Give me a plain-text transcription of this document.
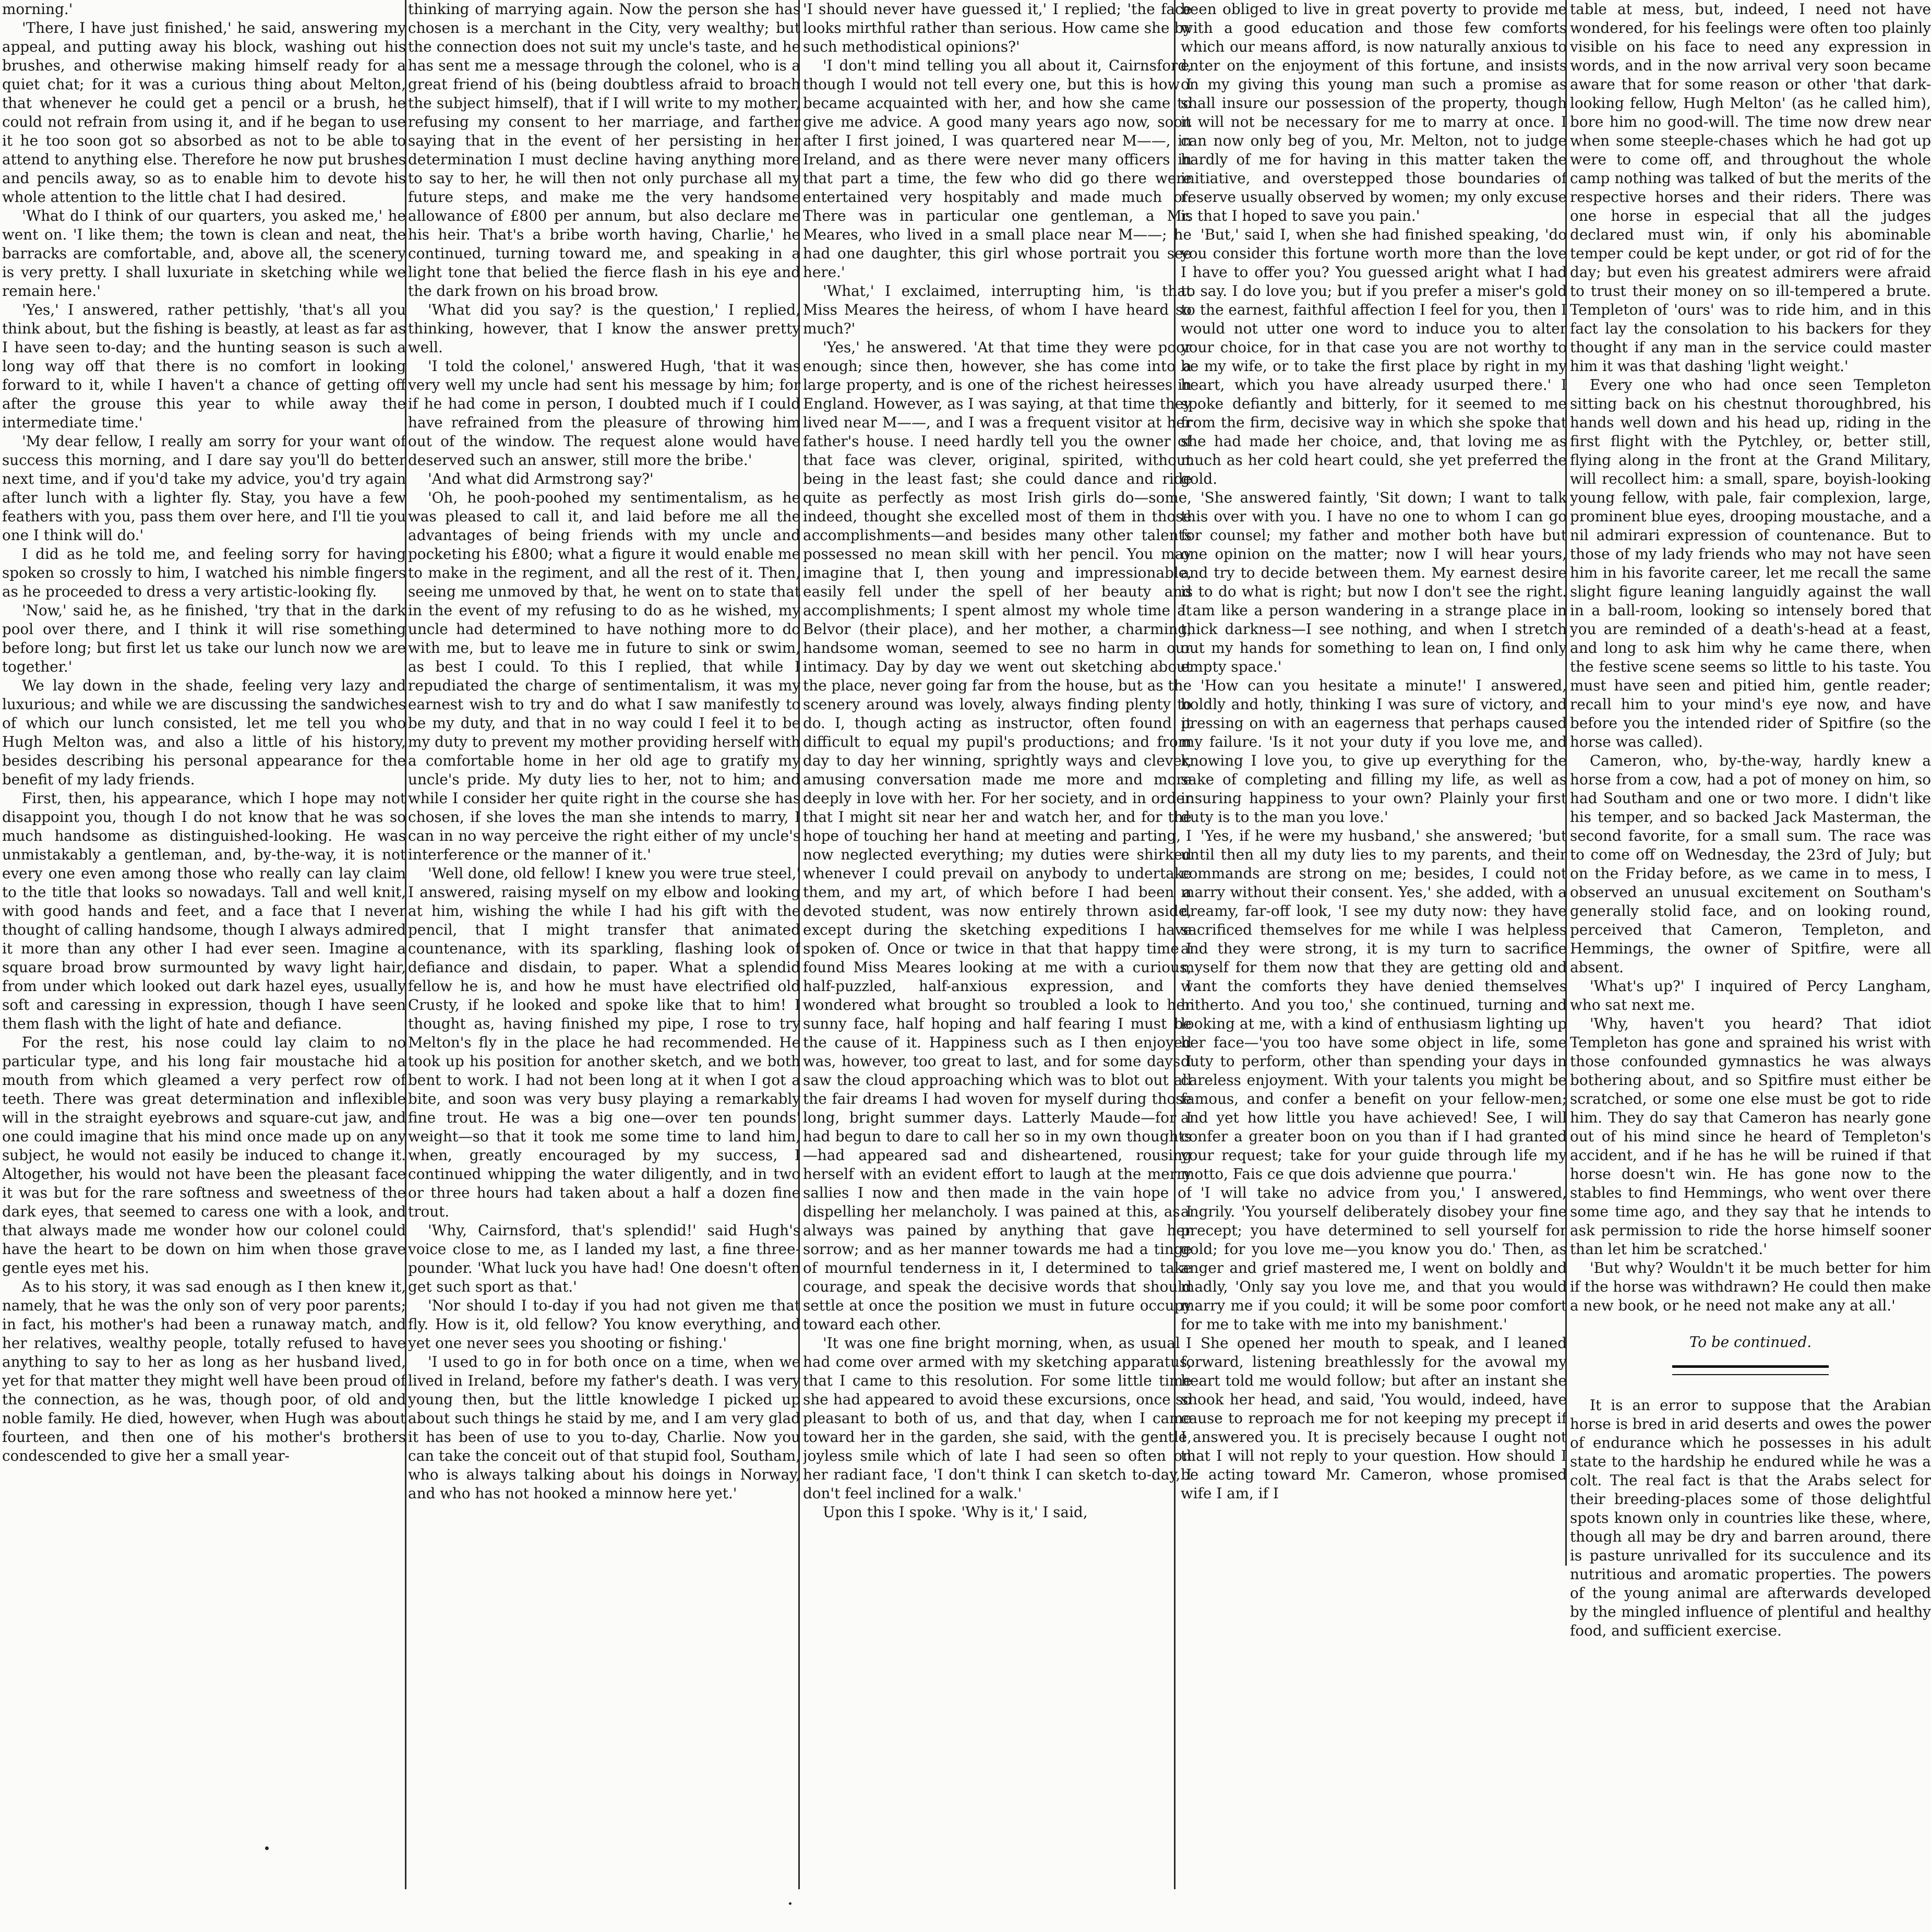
morning.'

'There, I have just finished,' he said, answering my appeal, and putting away his block, washing out his brushes, and otherwise making himself ready for a quiet chat; for it was a curious thing about Melton, that whenever he could get a pencil or a brush, he could not refrain from using it, and if he began to use it he too soon got so absorbed as not to be able to attend to anything else. Therefore he now put brushes and pencils away, so as to enable him to devote his whole attention to the little chat I had desired.

'What do I think of our quarters, you asked me,' he went on. 'I like them; the town is clean and neat, the barracks are comfortable, and, above all, the scenery is very pretty. I shall luxuriate in sketching while we remain here.'

'Yes,' I answered, rather pettishly, 'that's all you think about, but the fishing is beastly, at least as far as I have seen to-day; and the hunting season is such a long way off that there is no comfort in looking forward to it, while I haven't a chance of getting off after the grouse this year to while away the intermediate time.'

'My dear fellow, I really am sorry for your want of success this morning, and I dare say you'll do better next time, and if you'd take my advice, you'd try again after lunch with a lighter fly. Stay, you have a few feathers with you, pass them over here, and I'll tie you one I think will do.'

I did as he told me, and feeling sorry for having spoken so crossly to him, I watched his nimble fingers as he proceeded to dress a very artistic-looking fly.

'Now,' said he, as he finished, 'try that in the dark pool over there, and I think it will rise something before long; but first let us take our lunch now we are together.'

We lay down in the shade, feeling very lazy and luxurious; and while we are discussing the sandwiches of which our lunch consisted, let me tell you who Hugh Melton was, and also a little of his history, besides describing his personal appearance for the benefit of my lady friends.

First, then, his appearance, which I hope may not disappoint you, though I do not know that he was so much handsome as distinguished-looking. He was unmistakably a gentleman, and, by-the-way, it is not every one even among those who really can lay claim to the title that looks so nowadays. Tall and well knit, with good hands and feet, and a face that I never thought of calling handsome, though I always admired it more than any other I had ever seen. Imagine a square broad brow surmounted by wavy light hair, from under which looked out dark hazel eyes, usually soft and caressing in expression, though I have seen them flash with the light of hate and defiance.

For the rest, his nose could lay claim to no particular type, and his long fair moustache hid a mouth from which gleamed a very perfect row of teeth. There was great determination and inflexible will in the straight eyebrows and square-cut jaw, and one could imagine that his mind once made up on any subject, he would not easily be induced to change it. Altogether, his would not have been the pleasant face it was but for the rare softness and sweetness of the dark eyes, that seemed to caress one with a look, and that always made me wonder how our colonel could have the heart to be down on him when those grave gentle eyes met his.

As to his story, it was sad enough as I then knew it, namely, that he was the only son of very poor parents; in fact, his mother's had been a runaway match, and her relatives, wealthy people, totally refused to have anything to say to her as long as her husband lived, yet for that matter they might well have been proud of the connection, as he was, though poor, of old and noble family. He died, however, when Hugh was about fourteen, and then one of his mother's brothers condescended to give her a small year-

thinking of marrying again. Now the person she has chosen is a merchant in the City, very wealthy; but the connection does not suit my uncle's taste, and he has sent me a message through the colonel, who is a great friend of his (being doubtless afraid to broach the subject himself), that if I will write to my mother, refusing my consent to her marriage, and farther saying that in the event of her persisting in her determination I must decline having anything more to say to her, he will then not only purchase all my future steps, and make me the very handsome allowance of £800 per annum, but also declare me his heir. That's a bribe worth having, Charlie,' he continued, turning toward me, and speaking in a light tone that belied the fierce flash in his eye and the dark frown on his broad brow.

'What did you say? is the question,' I replied, thinking, however, that I know the answer pretty well.

'I told the colonel,' answered Hugh, 'that it was very well my uncle had sent his message by him; for if he had come in person, I doubted much if I could have refrained from the pleasure of throwing him out of the window. The request alone would have deserved such an answer, still more the bribe.'

'And what did Armstrong say?'

'Oh, he pooh-poohed my sentimentalism, as he was pleased to call it, and laid before me all the advantages of being friends with my uncle and pocketing his £800; what a figure it would enable me to make in the regiment, and all the rest of it. Then, seeing me unmoved by that, he went on to state that in the event of my refusing to do as he wished, my uncle had determined to have nothing more to do with me, but to leave me in future to sink or swim, as best I could. To this I replied, that while I repudiated the charge of sentimentalism, it was my earnest wish to try and do what I saw manifestly to be my duty, and that in no way could I feel it to be my duty to prevent my mother providing herself with a comfortable home in her old age to gratify my uncle's pride. My duty lies to her, not to him; and while I consider her quite right in the course she has chosen, if she loves the man she intends to marry, I can in no way perceive the right either of my uncle's interference or the manner of it.'

'Well done, old fellow! I knew you were true steel,' I answered, raising myself on my elbow and looking at him, wishing the while I had his gift with the pencil, that I might transfer that animated countenance, with its sparkling, flashing look of defiance and disdain, to paper. What a splendid fellow he is, and how he must have electrified old Crusty, if he looked and spoke like that to him! I thought as, having finished my pipe, I rose to try Melton's fly in the place he had recommended. He took up his position for another sketch, and we both bent to work. I had not been long at it when I got a bite, and soon was very busy playing a remarkably fine trout. He was a big one—over ten pounds' weight—so that it took me some time to land him, when, greatly encouraged by my success, I continued whipping the water diligently, and in two or three hours had taken about a half a dozen fine trout.

'Why, Cairnsford, that's splendid!' said Hugh's voice close to me, as I landed my last, a fine three-pounder. 'What luck you have had! One doesn't often get such sport as that.'

'Nor should I to-day if you had not given me that fly. How is it, old fellow? You know everything, and yet one never sees you shooting or fishing.'

'I used to go in for both once on a time, when we lived in Ireland, before my father's death. I was very young then, but the little knowledge I picked up about such things he staid by me, and I am very glad it has been of use to you to-day, Charlie. Now you can take the conceit out of that stupid fool, Southam, who is always talking about his doings in Norway, and who has not hooked a minnow here yet.'

'I should never have guessed it,' I replied; 'the face looks mirthful rather than serious. How came she by such methodistical opinions?'

'I don't mind telling you all about it, Cairnsford, though I would not tell every one, but this is how I became acquainted with her, and how she came to give me advice. A good many years ago now, soon after I first joined, I was quartered near M——, in Ireland, and as there were never many officers in that part a time, the few who did go there were entertained very hospitably and made much of. There was in particular one gentleman, a Mr. Meares, who lived in a small place near M——; he had one daughter, this girl whose portrait you see here.'

'What,' I exclaimed, interrupting him, 'is that Miss Meares the heiress, of whom I have heard so much?'

'Yes,' he answered. 'At that time they were poor enough; since then, however, she has come into a large property, and is one of the richest heiresses in England. However, as I was saying, at that time they lived near M——, and I was a frequent visitor at her father's house. I need hardly tell you the owner of that face was clever, original, spirited, without being in the least fast; she could dance and ride quite as perfectly as most Irish girls do—some, indeed, thought she excelled most of them in those accomplishments—and besides many other talents possessed no mean skill with her pencil. You may imagine that I, then young and impressionable, easily fell under the spell of her beauty and accomplishments; I spent almost my whole time at Belvor (their place), and her mother, a charming, handsome woman, seemed to see no harm in our intimacy. Day by day we went out sketching about the place, never going far from the house, but as the scenery around was lovely, always finding plenty to do. I, though acting as instructor, often found it difficult to equal my pupil's productions; and from day to day her winning, sprightly ways and clever, amusing conversation made me more and more deeply in love with her. For her society, and in order that I might sit near her and watch her, and for the hope of touching her hand at meeting and parting, I now neglected everything; my duties were shirked whenever I could prevail on anybody to undertake them, and my art, of which before I had been a devoted student, was now entirely thrown aside, except during the sketching expeditions I have spoken of. Once or twice in that that happy time I found Miss Meares looking at me with a curious, half-puzzled, half-anxious expression, and I wondered what brought so troubled a look to her sunny face, half hoping and half fearing I must be the cause of it. Happiness such as I then enjoyed was, however, too great to last, and for some days I saw the cloud approaching which was to blot out all the fair dreams I had woven for myself during those long, bright summer days. Latterly Maude—for I had begun to dare to call her so in my own thoughts—had appeared sad and disheartened, rousing herself with an evident effort to laugh at the merry sallies I now and then made in the vain hope of dispelling her melancholy. I was pained at this, as I always was pained by anything that gave her sorrow; and as her manner towards me had a tinge of mournful tenderness in it, I determined to take courage, and speak the decisive words that should settle at once the position we must in future occupy toward each other.

'It was one fine bright morning, when, as usual I had come over armed with my sketching apparatus, that I came to this resolution. For some little time she had appeared to avoid these excursions, once so pleasant to both of us, and that day, when I came toward her in the garden, she said, with the gentle, joyless smile which of late I had seen so often on her radiant face, 'I don't think I can sketch to-day, I don't feel inclined for a walk.'

Upon this I spoke. 'Why is it,' I said,

been obliged to live in great poverty to provide me with a good education and those few comforts which our means afford, is now naturally anxious to enter on the enjoyment of this fortune, and insists on my giving this young man such a promise as shall insure our possession of the property, though it will not be necessary for me to marry at once. I can now only beg of you, Mr. Melton, not to judge hardly of me for having in this matter taken the initiative, and overstepped those boundaries of reserve usually observed by women; my only excuse is that I hoped to save you pain.'

'But,' said I, when she had finished speaking, 'do you consider this fortune worth more than the love I have to offer you? You guessed aright what I had to say. I do love you; but if you prefer a miser's gold to the earnest, faithful affection I feel for you, then I would not utter one word to induce you to alter your choice, for in that case you are not worthy to be my wife, or to take the first place by right in my heart, which you have already usurped there.' I spoke defiantly and bitterly, for it seemed to me from the firm, decisive way in which she spoke that she had made her choice, and, that loving me as much as her cold heart could, she yet preferred the gold.

'She answered faintly, 'Sit down; I want to talk this over with you. I have no one to whom I can go for counsel; my father and mother both have but one opinion on the matter; now I will hear yours, and try to decide between them. My earnest desire is to do what is right; but now I don't see the right. I am like a person wandering in a strange place in thick darkness—I see nothing, and when I stretch out my hands for something to lean on, I find only empty space.'

'How can you hesitate a minute!' I answered, boldly and hotly, thinking I was sure of victory, and pressing on with an eagerness that perhaps caused my failure. 'Is it not your duty if you love me, and knowing I love you, to give up everything for the sake of completing and filling my life, as well as insuring happiness to your own? Plainly your first duty is to the man you love.'

'Yes, if he were my husband,' she answered; 'but until then all my duty lies to my parents, and their commands are strong on me; besides, I could not marry without their consent. Yes,' she added, with a dreamy, far-off look, 'I see my duty now: they have sacrificed themselves for me while I was helpless and they were strong, it is my turn to sacrifice myself for them now that they are getting old and want the comforts they have denied themselves hitherto. And you too,' she continued, turning and looking at me, with a kind of enthusiasm lighting up her face—'you too have some object in life, some duty to perform, other than spending your days in careless enjoyment. With your talents you might be famous, and confer a benefit on your fellow-men; and yet how little you have achieved! See, I will confer a greater boon on you than if I had granted your request; take for your guide through life my motto, Fais ce que dois advienne que pourra.'

'I will take no advice from you,' I answered, angrily. 'You yourself deliberately disobey your fine precept; you have determined to sell yourself for gold; for you love me—you know you do.' Then, as anger and grief mastered me, I went on boldly and madly, 'Only say you love me, and that you would marry me if you could; it will be some poor comfort for me to take with me into my banishment.'

She opened her mouth to speak, and I leaned forward, listening breathlessly for the avowal my heart told me would follow; but after an instant she shook her head, and said, 'You would, indeed, have cause to reproach me for not keeping my precept if I answered you. It is precisely because I ought not that I will not reply to your question. How should I be acting toward Mr. Cameron, whose promised wife I am, if I

table at mess, but, indeed, I need not have wondered, for his feelings were often too plainly visible on his face to need any expression in words, and in the now arrival very soon became aware that for some reason or other 'that dark-looking fellow, Hugh Melton' (as he called him), bore him no good-will. The time now drew near when some steeple-chases which he had got up were to come off, and throughout the whole camp nothing was talked of but the merits of the respective horses and their riders. There was one horse in especial that all the judges declared must win, if only his abominable temper could be kept under, or got rid of for the day; but even his greatest admirers were afraid to trust their money on so ill-tempered a brute. Templeton of 'ours' was to ride him, and in this fact lay the consolation to his backers for they thought if any man in the service could master him it was that dashing 'light weight.'

Every one who had once seen Templeton sitting back on his chestnut thoroughbred, his hands well down and his head up, riding in the first flight with the Pytchley, or, better still, flying along in the front at the Grand Military, will recollect him: a small, spare, boyish-looking young fellow, with pale, fair complexion, large, prominent blue eyes, drooping moustache, and a nil admirari expression of countenance. But to those of my lady friends who may not have seen him in his favorite career, let me recall the same slight figure leaning languidly against the wall in a ball-room, looking so intensely bored that you are reminded of a death's-head at a feast, and long to ask him why he came there, when the festive scene seems so little to his taste. You must have seen and pitied him, gentle reader; recall him to your mind's eye now, and have before you the intended rider of Spitfire (so the horse was called).

Cameron, who, by-the-way, hardly knew a horse from a cow, had a pot of money on him, so had Southam and one or two more. I didn't like his temper, and so backed Jack Masterman, the second favorite, for a small sum. The race was to come off on Wednesday, the 23rd of July; but on the Friday before, as we came in to mess, I observed an unusual excitement on Southam's generally stolid face, and on looking round, perceived that Cameron, Templeton, and Hemmings, the owner of Spitfire, were all absent.

'What's up?' I inquired of Percy Langham, who sat next me.

'Why, haven't you heard? That idiot Templeton has gone and sprained his wrist with those confounded gymnastics he was always bothering about, and so Spitfire must either be scratched, or some one else must be got to ride him. They do say that Cameron has nearly gone out of his mind since he heard of Templeton's accident, and if he has he will be ruined if that horse doesn't win. He has gone now to the stables to find Hemmings, who went over there some time ago, and they say that he intends to ask permission to ride the horse himself sooner than let him be scratched.'

'But why? Wouldn't it be much better for him if the horse was withdrawn? He could then make a new book, or he need not make any at all.'

To be continued.

It is an error to suppose that the Arabian horse is bred in arid deserts and owes the power of endurance which he possesses in his adult state to the hardship he endured while he was a colt. The real fact is that the Arabs select for their breeding-places some of those delightful spots known only in countries like these, where, though all may be dry and barren around, there is pasture unrivalled for its succulence and its nutritious and aromatic properties. The powers of the young animal are afterwards developed by the mingled influence of plentiful and healthy food, and sufficient exercise.
